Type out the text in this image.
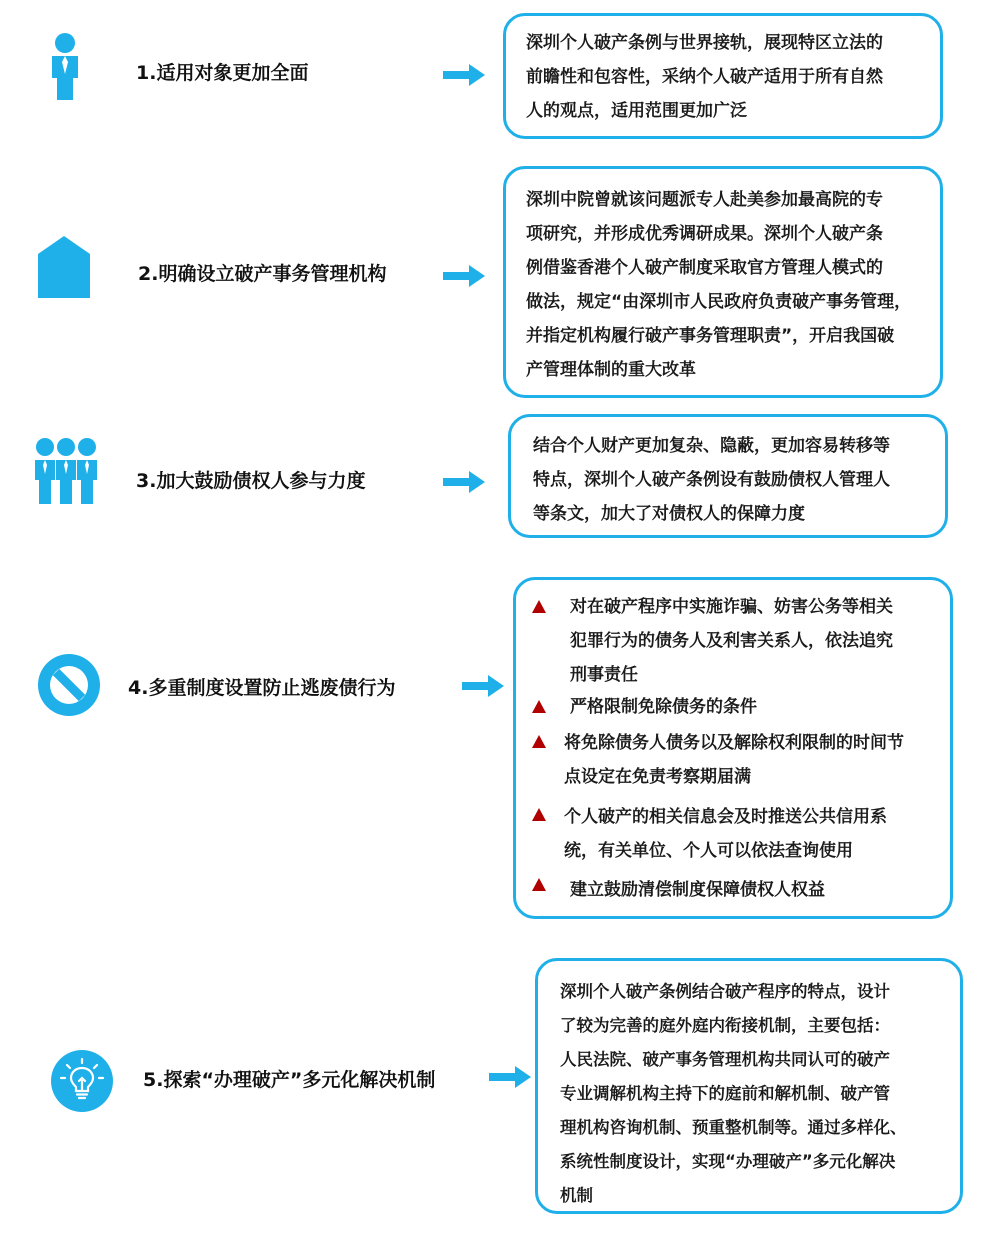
1.适用对象更加全面
深圳个人破产条例与世界接轨，展现特区立法的
前瞻性和包容性，采纳个人破产适用于所有自然
人的观点，适用范围更加广泛
2.明确设立破产事务管理机构
深圳中院曾就该问题派专人赴美参加最高院的专
项研究，并形成优秀调研成果。深圳个人破产条
例借鉴香港个人破产制度采取官方管理人模式的
做法，规定“由深圳市人民政府负责破产事务管理，
并指定机构履行破产事务管理职责”，开启我国破
产管理体制的重大改革
3.加大鼓励债权人参与力度
结合个人财产更加复杂、隐蔽，更加容易转移等
特点，深圳个人破产条例设有鼓励债权人管理人
等条文，加大了对债权人的保障力度
4.多重制度设置防止逃废债行为
对在破产程序中实施诈骗、妨害公务等相关
犯罪行为的债务人及利害关系人，依法追究
刑事责任
严格限制免除债务的条件
将免除债务人债务以及解除权利限制的时间节
点设定在免责考察期届满
个人破产的相关信息会及时推送公共信用系
统，有关单位、个人可以依法查询使用
建立鼓励清偿制度保障债权人权益
5.探索“办理破产”多元化解决机制
深圳个人破产条例结合破产程序的特点，设计
了较为完善的庭外庭内衔接机制，主要包括：
人民法院、破产事务管理机构共同认可的破产
专业调解机构主持下的庭前和解机制、破产管
理机构咨询机制、预重整机制等。通过多样化、
系统性制度设计，实现“办理破产”多元化解决
机制
